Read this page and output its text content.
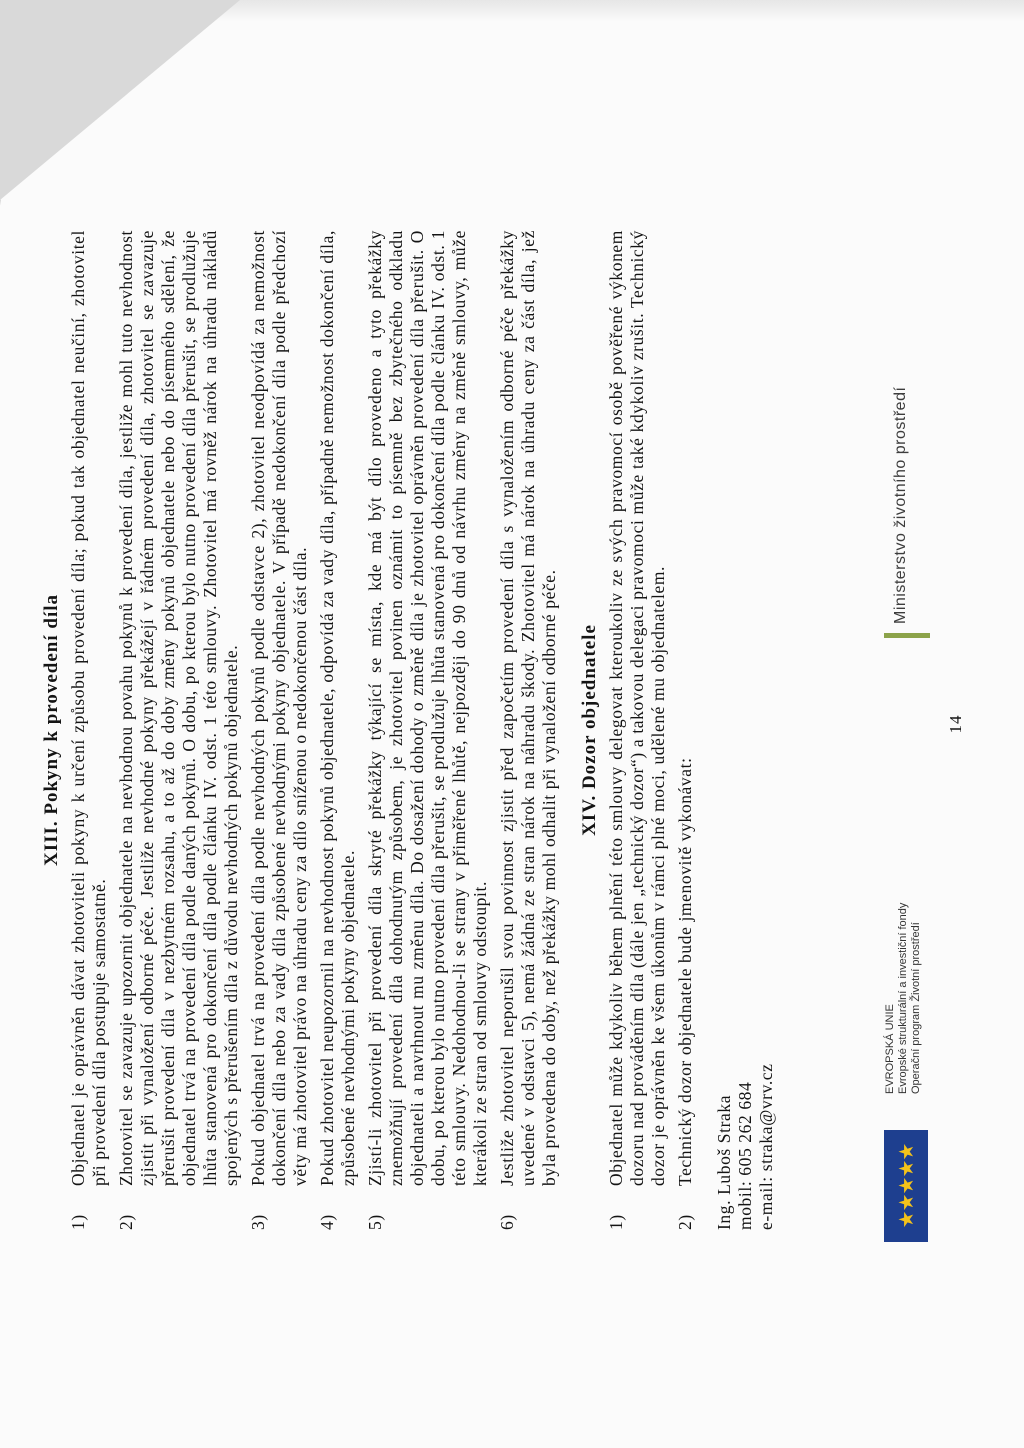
XIII. Pokyny k provedení díla
1)
Objednatel je oprávněn dávat zhotoviteli pokyny k určení způsobu provedení díla; pokud tak objednatel neučiní, zhotovitel při provedení díla postupuje samostatně.
2)
Zhotovitel se zavazuje upozornit objednatele na nevhodnou povahu pokynů k provedení díla, jestliže mohl tuto nevhodnost zjistit při vynaložení odborné péče. Jestliže nevhodné pokyny překážejí v řádném provedení díla, zhotovitel se zavazuje přerušit provedení díla v nezbytném rozsahu, a to až do doby změny pokynů objednatele nebo do písemného sdělení, že objednatel trvá na provedení díla podle daných pokynů. O dobu, po kterou bylo nutno provedení díla přerušit, se prodlužuje lhůta stanovená pro dokončení díla podle článku IV. odst. 1 této smlouvy. Zhotovitel má rovněž nárok na úhradu nákladů spojených s přerušením díla z důvodu nevhodných pokynů objednatele.
3)
Pokud objednatel trvá na provedení díla podle nevhodných pokynů podle odstavce 2), zhotovitel neodpovídá za nemožnost dokončení díla nebo za vady díla způsobené nevhodnými pokyny objednatele. V případě nedokončení díla podle předchozí věty má zhotovitel právo na úhradu ceny za dílo sníženou o nedokončenou část díla.
4)
Pokud zhotovitel neupozornil na nevhodnost pokynů objednatele, odpovídá za vady díla, případně nemožnost dokončení díla, způsobené nevhodnými pokyny objednatele.
5)
Zjistí-li zhotovitel při provedení díla skryté překážky týkající se místa, kde má být dílo provedeno a tyto překážky znemožňují provedení díla dohodnutým způsobem, je zhotovitel povinen oznámit to písemně bez zbytečného odkladu objednateli a navrhnout mu změnu díla. Do dosažení dohody o změně díla je zhotovitel oprávněn provedení díla přerušit. O dobu, po kterou bylo nutno provedení díla přerušit, se prodlužuje lhůta stanovená pro dokončení díla podle článku IV. odst. 1 této smlouvy. Nedohodnou-li se strany v přiměřené lhůtě, nejpozději do 90 dnů od návrhu změny na změně smlouvy, může kterákoli ze stran od smlouvy odstoupit.
6)
Jestliže zhotovitel neporušil svou povinnost zjistit před započetím provedení díla s vynaložením odborné péče překážky uvedené v odstavci 5), nemá žádná ze stran nárok na náhradu škody. Zhotovitel má nárok na úhradu ceny za část díla, jež byla provedena do doby, než překážky mohl odhalit při vynaložení odborné péče. XIV. Dozor objednatele
1)
Objednatel může kdykoliv během plnění této smlouvy delegovat kteroukoliv ze svých pravomocí osobě pověřené výkonem dozoru nad prováděním díla (dále jen „technický dozor“) a takovou delegaci pravomoci může také kdykoliv zrušit. Technický dozor je oprávněn ke všem úkonům v rámci plné moci, udělené mu objednatelem.
2)
Technický dozor objednatele bude jmenovitě vykonávat: Ing. Luboš Straka mobil: 605 262 684 e-mail: straka@vrv.cz
14
★★★★★
EVROPSKÁ UNIE Evropské strukturální a investiční fondy Operační program Životní prostředí
Ministerstvo životního prostředí
